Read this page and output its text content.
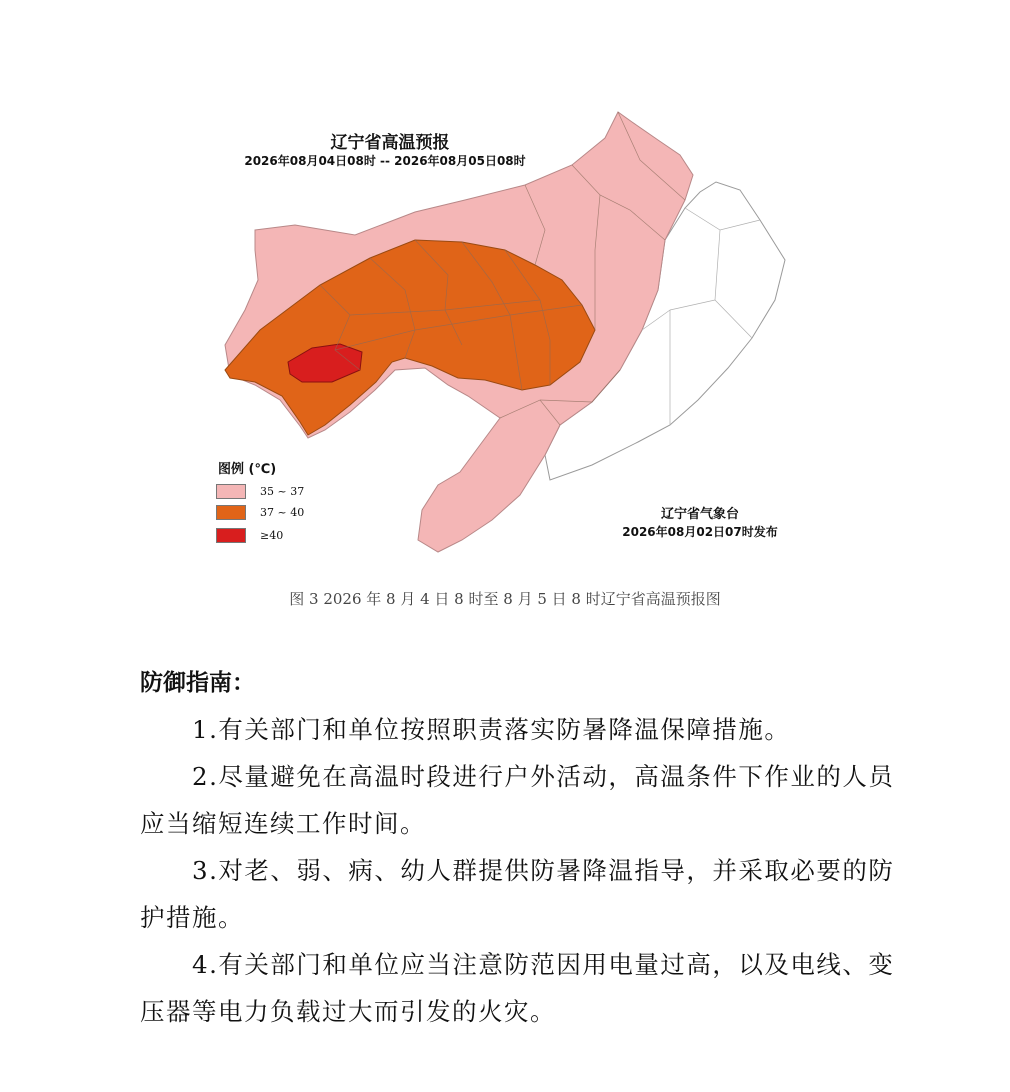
辽宁省高温预报
2026年08月04日08时 -- 2026年08月05日08时
图例 (℃)
35 ~ 37
37 ~ 40
≥40
辽宁省气象台
2026年08月02日07时发布
图 3 2026 年 8 月 4 日 8 时至 8 月 5 日 8 时辽宁省高温预报图
防御指南：

1.有关部门和单位按照职责落实防暑降温保障措施。

2.尽量避免在高温时段进行户外活动，高温条件下作业的人员应当缩短连续工作时间。

3.对老、弱、病、幼人群提供防暑降温指导，并采取必要的防护措施。

4.有关部门和单位应当注意防范因用电量过高，以及电线、变压器等电力负载过大而引发的火灾。
